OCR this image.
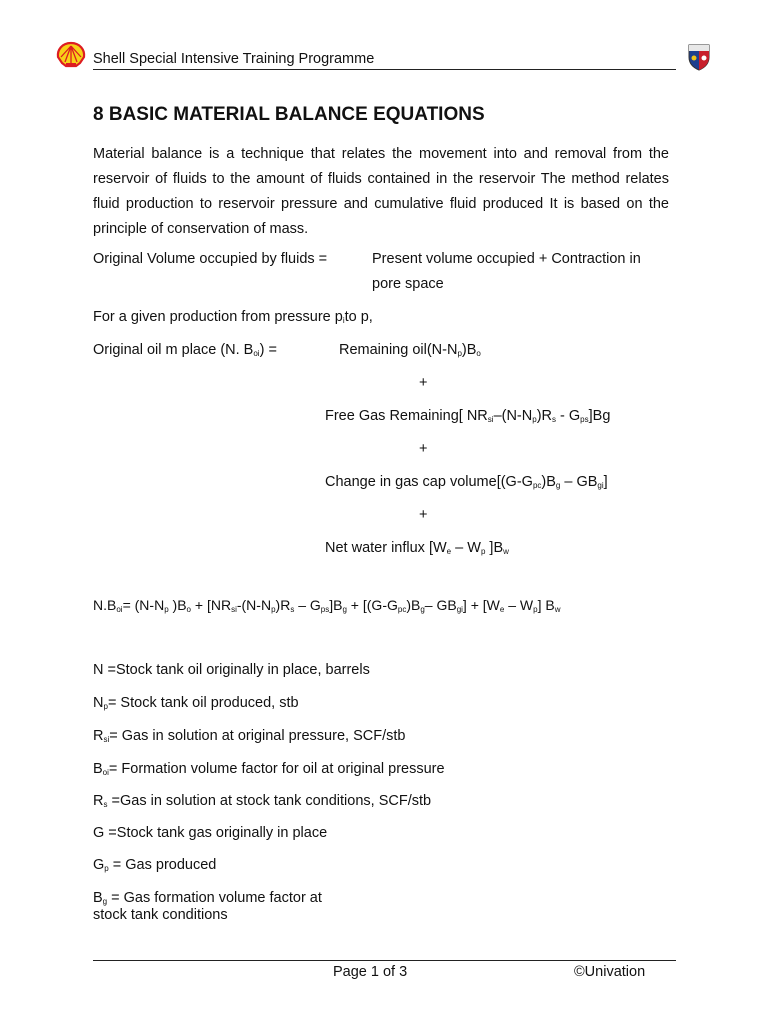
Shell Special Intensive Training Programme
8 BASIC MATERIAL BALANCE EQUATIONS
Material balance is a technique that relates the movement into and removal from the reservoir of fluids to the amount of fluids contained in the reservoir The method relates fluid production to reservoir pressure and cumulative fluid produced It is based on the principle of conservation of mass.
Original Volume occupied by fluids =	Present volume occupied + Contraction in
pore space
For a given production from pressure $p_ito$ p,
Original oil m place (N. $B_{oi}$) =	Remaining $oil(N-N_p)B_o$
+
Free Gas Remaining[ $NR_{si}-(N-N_p)R_s - G_{ps}]Bg$
+
Change in gas cap $volume[(G-G_{pc})B_g - GB_{gi}]$
+
Net water influx [$W_e - W_p$ ]$B_w$
$N.B_{oi}= (N-N_p$ )$B_o + [NR_{si}-(N-N_p)R_s - G_{ps}]B_g + [(G-G_{pc})B_g-$ $GB_{gi}] + [W_e - W_p]$ $B_w$
N =Stock tank oil originally in place, barrels
$N_p=$ Stock tank oil produced, stb
$R_{si}=$ Gas in solution at original pressure, SCF/stb
$B_{oi}=$ Formation volume factor for oil at original pressure
$R_s =Gas$ in solution at stock tank conditions, SCF/stb
G =Stock tank gas originally in place
$G_p$ = Gas produced
$B_g$ = Gas formation volume factor at
stock tank conditions
Page 1 of 3	©Univation
